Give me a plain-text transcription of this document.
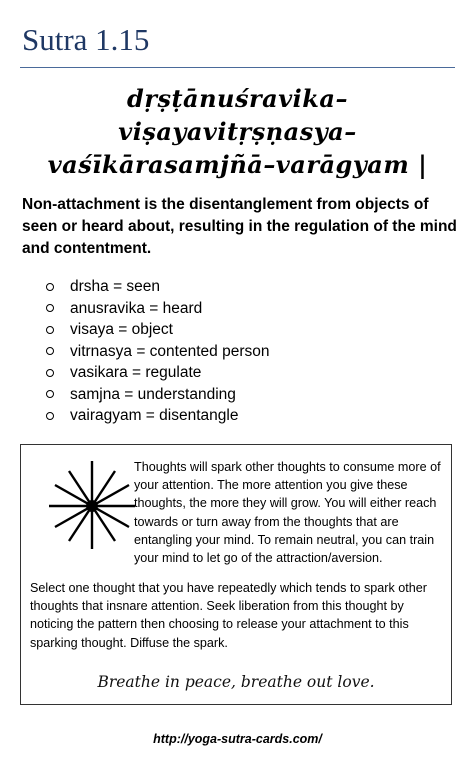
Sutra 1.15
dṛṣṭānuśravika–
viṣayavitṛṣṇasya–
vaśīkārasamjñā–varāgyam |
Non-attachment is the disentanglement from objects of seen or heard about, resulting in the regulation of the mind and contentment.
drsha = seen
anusravika = heard
visaya = object
vitrnasya = contented person
vasikara = regulate
samjna = understanding
vairagyam = disentangle
Thoughts will spark other thoughts to consume more of your attention. The more attention you give these thoughts, the more they will grow. You will either reach towards or turn away from the thoughts that are entangling your mind. To remain neutral, you can train your mind to let go of the attraction/aversion.
Select one thought that you have repeatedly which tends to spark other thoughts that insnare attention. Seek liberation from this thought by noticing the pattern then choosing to release your attachment to this sparking thought. Diffuse the spark.
Breathe in peace, breathe out love.
http://yoga-sutra-cards.com/
